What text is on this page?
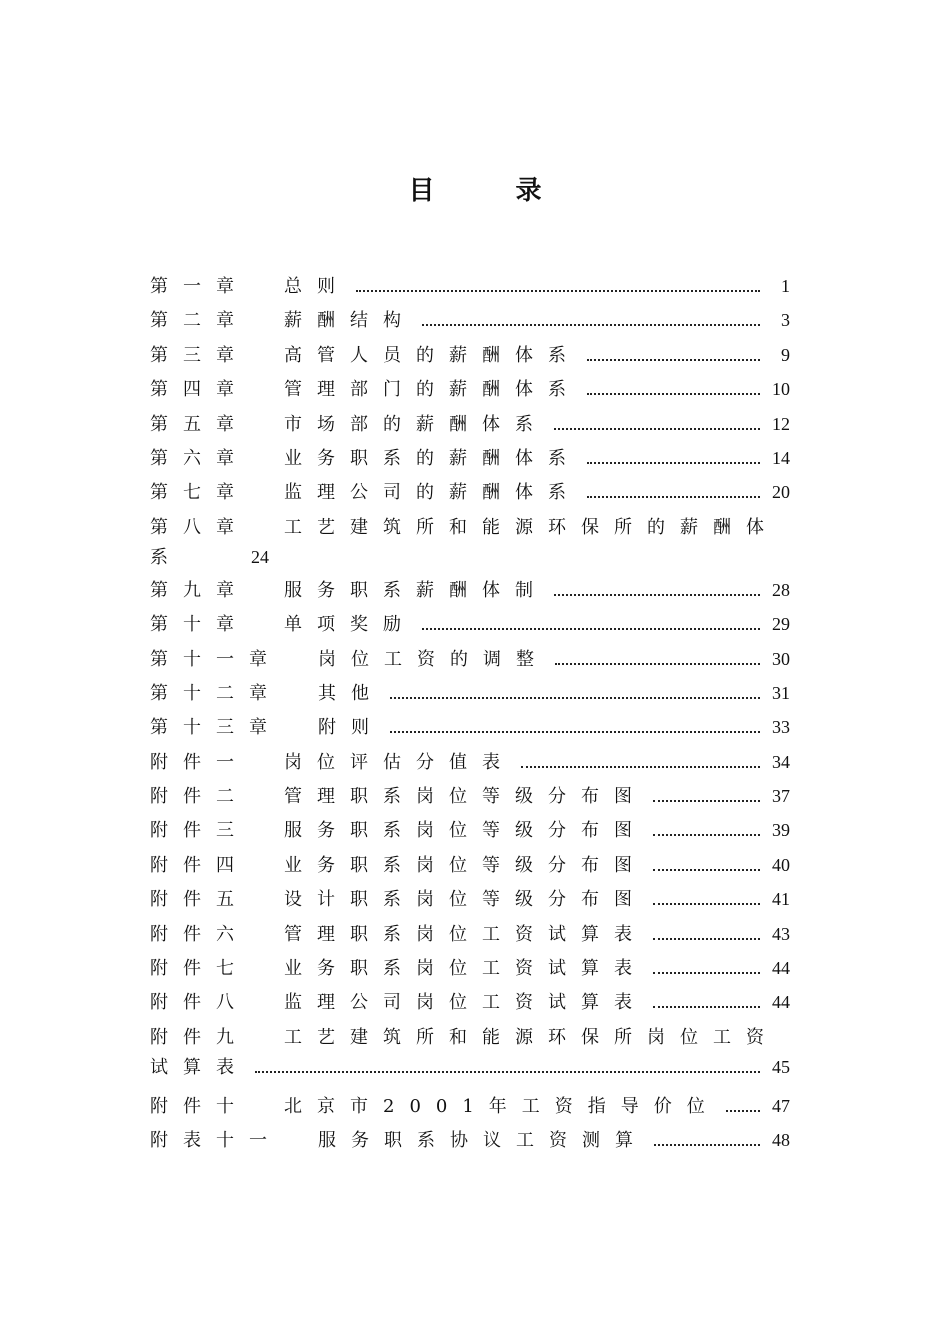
目 录
第一章	总则	1
第二章	薪酬结构	3
第三章	高管人员的薪酬体系	9
第四章	管理部门的薪酬体系	10
第五章	市场部的薪酬体系	12
第六章	业务职系的薪酬体系	14
第七章	监理公司的薪酬体系	20
第八章	工艺建筑所和能源环保所的薪酬体
系	24
第九章	服务职系薪酬体制	28
第十章	单项奖励	29
第十一章	岗位工资的调整	30
第十二章	其他	31
第十三章	附则	33
附件一	岗位评估分值表	34
附件二	管理职系岗位等级分布图	37
附件三	服务职系岗位等级分布图	39
附件四	业务职系岗位等级分布图	40
附件五	设计职系岗位等级分布图	41
附件六	管理职系岗位工资试算表	43
附件七	业务职系岗位工资试算表	44
附件八	监理公司岗位工资试算表	44
附件九	工艺建筑所和能源环保所岗位工资
试算表	45
附件十	北京市2001年工资指导价位	47
附表十一	服务职系协议工资测算	48
